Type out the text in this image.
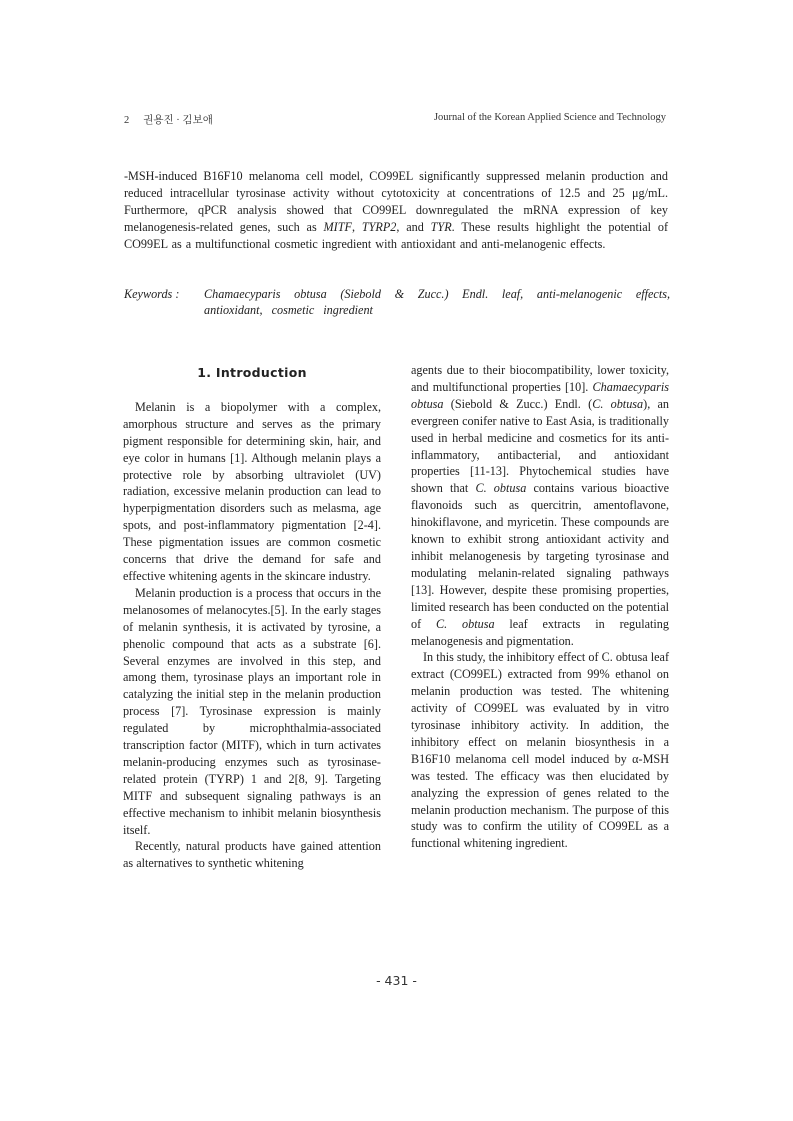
2 권용진 · 김보애	Journal of the Korean Applied Science and Technology
-MSH-induced B16F10 melanoma cell model, CO99EL significantly suppressed melanin production and reduced intracellular tyrosinase activity without cytotoxicity at concentrations of 12.5 and 25 μg/mL. Furthermore, qPCR analysis showed that CO99EL downregulated the mRNA expression of key melanogenesis-related genes, such as MITF, TYRP2, and TYR. These results highlight the potential of CO99EL as a multifunctional cosmetic ingredient with antioxidant and anti-melanogenic effects.
Keywords :	Chamaecyparis obtusa (Siebold & Zucc.) Endl. leaf, anti-melanogenic effects, antioxidant, cosmetic ingredient
1. Introduction

Melanin is a biopolymer with a complex, amorphous structure and serves as the primary pigment responsible for determining skin, hair, and eye color in humans [1]. Although melanin plays a protective role by absorbing ultraviolet (UV) radiation, excessive melanin production can lead to hyperpigmentation disorders such as melasma, age spots, and post-inflammatory pigmentation [2-4]. These pigmentation issues are common cosmetic concerns that drive the demand for safe and effective whitening agents in the skincare industry.

Melanin production is a process that occurs in the melanosomes of melanocytes.[5]. In the early stages of melanin synthesis, it is activated by tyrosine, a phenolic compound that acts as a substrate [6]. Several enzymes are involved in this step, and among them, tyrosinase plays an important role in catalyzing the initial step in the melanin production process [7]. Tyrosinase expression is mainly regulated by microphthalmia-associated transcription factor (MITF), which in turn activates melanin-producing enzymes such as tyrosinase-related protein (TYRP) 1 and 2[8, 9]. Targeting MITF and subsequent signaling pathways is an effective mechanism to inhibit melanin biosynthesis itself.

Recently, natural products have gained attention as alternatives to synthetic whitening

agents due to their biocompatibility, lower toxicity, and multifunctional properties [10]. Chamaecyparis obtusa (Siebold & Zucc.) Endl. (C. obtusa), an evergreen conifer native to East Asia, is traditionally used in herbal medicine and cosmetics for its anti-inflammatory, antibacterial, and antioxidant properties [11-13]. Phytochemical studies have shown that C. obtusa contains various bioactive flavonoids such as quercitrin, amentoflavone, hinokiflavone, and myricetin. These compounds are known to exhibit strong antioxidant activity and inhibit melanogenesis by targeting tyrosinase and modulating melanin-related signaling pathways [13]. However, despite these promising properties, limited research has been conducted on the potential of C. obtusa leaf extracts in regulating melanogenesis and pigmentation.

In this study, the inhibitory effect of C. obtusa leaf extract (CO99EL) extracted from 99% ethanol on melanin production was tested. The whitening activity of CO99EL was evaluated by in vitro tyrosinase inhibitory activity. In addition, the inhibitory effect on melanin biosynthesis in a B16F10 melanoma cell model induced by α-MSH was tested. The efficacy was then elucidated by analyzing the expression of genes related to the melanin production mechanism. The purpose of this study was to confirm the utility of CO99EL as a functional whitening ingredient.

- 431 -
